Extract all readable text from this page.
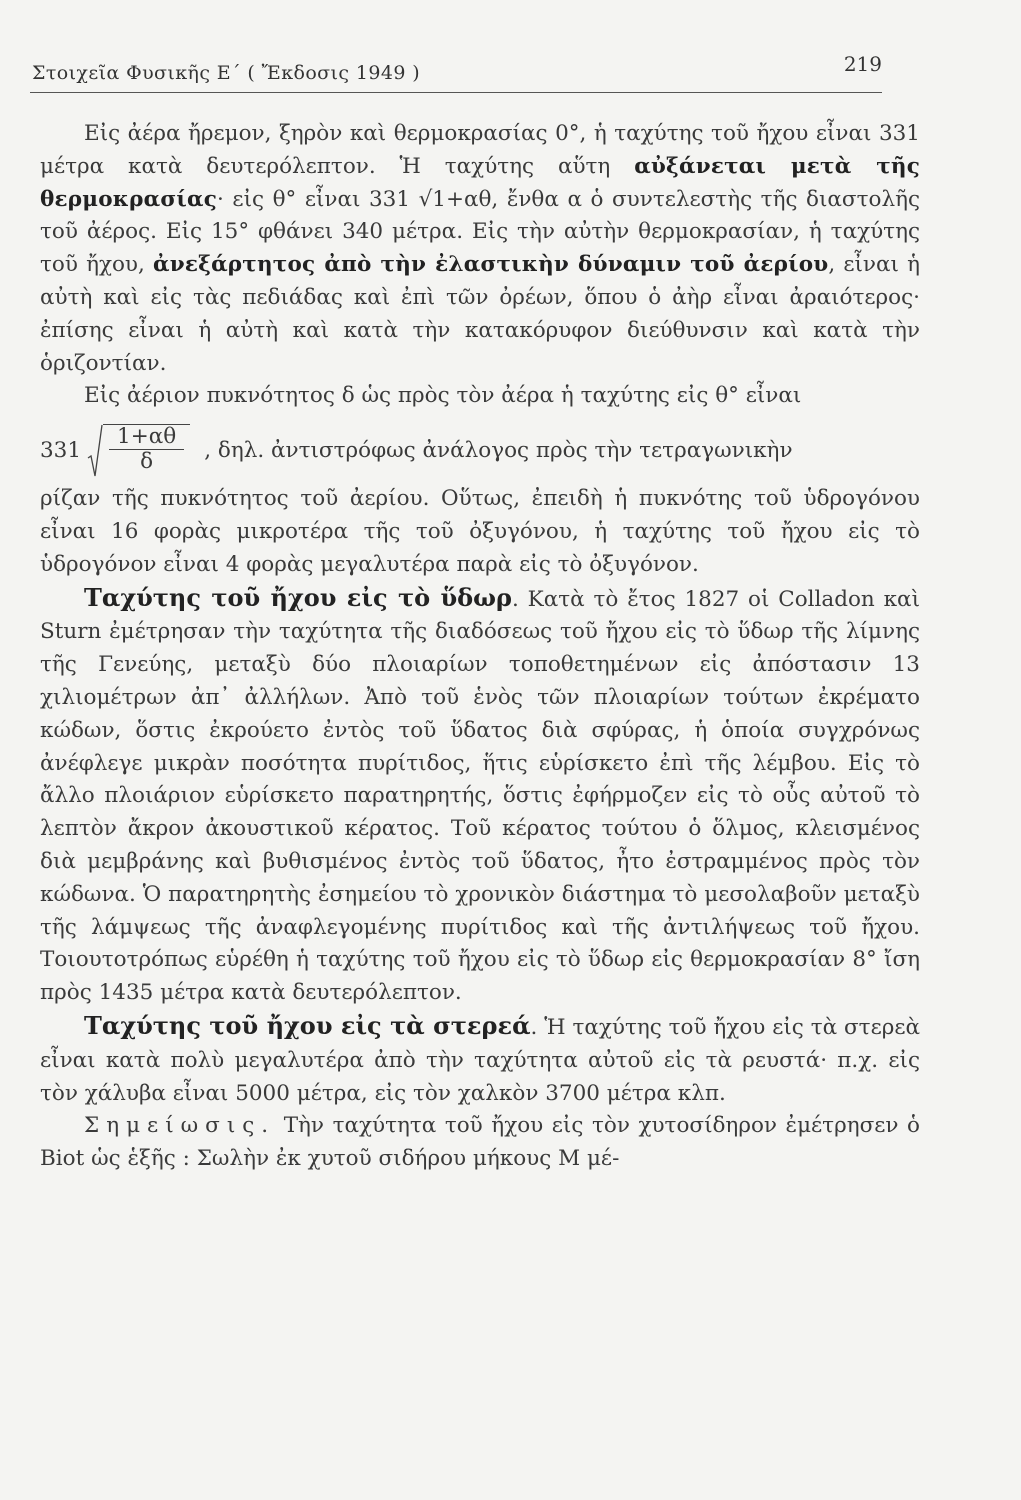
Στοιχεῖα Φυσικῆς Ε΄ ( Ἔκδοσις 1949 )	219

Εἰς ἀέρα ἤρεμον, ξηρὸν καὶ θερμοκρασίας 0°, ἡ ταχύτης τοῦ ἤχου εἶναι 331 μέτρα κατὰ δευτερόλεπτον. Ἡ ταχύτης αὕτη αὐξάνεται μετὰ τῆς θερμοκρασίας· εἰς θ° εἶναι 331 √1+αθ, ἔνθα α ὁ συντελεστὴς τῆς διαστολῆς τοῦ ἀέρος. Εἰς 15° φθάνει 340 μέτρα. Εἰς τὴν αὐτὴν θερμοκρασίαν, ἡ ταχύτης τοῦ ἤχου, ἀνεξάρτητος ἀπὸ τὴν ἐλαστικὴν δύναμιν τοῦ ἀερίου, εἶναι ἡ αὐτὴ καὶ εἰς τὰς πεδιάδας καὶ ἐπὶ τῶν ὀρέων, ὅπου ὁ ἀὴρ εἶναι ἀραιότερος· ἐπίσης εἶναι ἡ αὐτὴ καὶ κατὰ τὴν κατακόρυφον διεύθυνσιν καὶ κατὰ τὴν ὁριζοντίαν.

Εἰς ἀέριον πυκνότητος δ ὡς πρὸς τὸν ἀέρα ἡ ταχύτης εἰς θ° εἶναι

$331 \frac{1+\alpha\theta}{\delta}$ , δηλ. ἀντιστρόφως ἀνάλογος πρὸς τὴν τετραγωνικὴν

ρίζαν τῆς πυκνότητος τοῦ ἀερίου. Οὕτως, ἐπειδὴ ἡ πυκνότης τοῦ ὑδρογόνου εἶναι 16 φορὰς μικροτέρα τῆς τοῦ ὀξυγόνου, ἡ ταχύτης τοῦ ἤχου εἰς τὸ ὑδρογόνον εἶναι 4 φορὰς μεγαλυτέρα παρὰ εἰς τὸ ὀξυγόνον.

Ταχύτης τοῦ ἤχου εἰς τὸ ὕδωρ. Κατὰ τὸ ἔτος 1827 οἱ Colladon καὶ Sturn ἐμέτρησαν τὴν ταχύτητα τῆς διαδόσεως τοῦ ἤχου εἰς τὸ ὕδωρ τῆς λίμνης τῆς Γενεύης, μεταξὺ δύο πλοιαρίων τοποθετημένων εἰς ἀπόστασιν 13 χιλιομέτρων ἀπ᾽ ἀλλήλων. Ἀπὸ τοῦ ἑνὸς τῶν πλοιαρίων τούτων ἐκρέματο κώδων, ὅστις ἐκρούετο ἐντὸς τοῦ ὕδατος διὰ σφύρας, ἡ ὁποία συγχρόνως ἀνέφλεγε μικρὰν ποσότητα πυρίτιδος, ἥτις εὑρίσκετο ἐπὶ τῆς λέμβου. Εἰς τὸ ἄλλο πλοιάριον εὑρίσκετο παρατηρητής, ὅστις ἐφήρμοζεν εἰς τὸ οὖς αὐτοῦ τὸ λεπτὸν ἄκρον ἀκουστικοῦ κέρατος. Τοῦ κέρατος τούτου ὁ ὅλμος, κλεισμένος διὰ μεμβράνης καὶ βυθισμένος ἐντὸς τοῦ ὕδατος, ἦτο ἐστραμμένος πρὸς τὸν κώδωνα. Ὁ παρατηρητὴς ἐσημείου τὸ χρονικὸν διάστημα τὸ μεσολαβοῦν μεταξὺ τῆς λάμψεως τῆς ἀναφλεγομένης πυρίτιδος καὶ τῆς ἀντιλήψεως τοῦ ἤχου. Τοιουτοτρόπως εὑρέθη ἡ ταχύτης τοῦ ἤχου εἰς τὸ ὕδωρ εἰς θερμοκρασίαν 8° ἴση πρὸς 1435 μέτρα κατὰ δευτερόλεπτον.

Ταχύτης τοῦ ἤχου εἰς τὰ στερεά. Ἡ ταχύτης τοῦ ἤχου εἰς τὰ στερεὰ εἶναι κατὰ πολὺ μεγαλυτέρα ἀπὸ τὴν ταχύτητα αὐτοῦ εἰς τὰ ρευστά· π.χ. εἰς τὸν χάλυβα εἶναι 5000 μέτρα, εἰς τὸν χαλκὸν 3700 μέτρα κλπ.

Σημείωσις. Τὴν ταχύτητα τοῦ ἤχου εἰς τὸν χυτοσίδηρον ἐμέτρησεν ὁ Biot ὡς ἑξῆς : Σωλὴν ἐκ χυτοῦ σιδήρου μήκους Μ μέ-
